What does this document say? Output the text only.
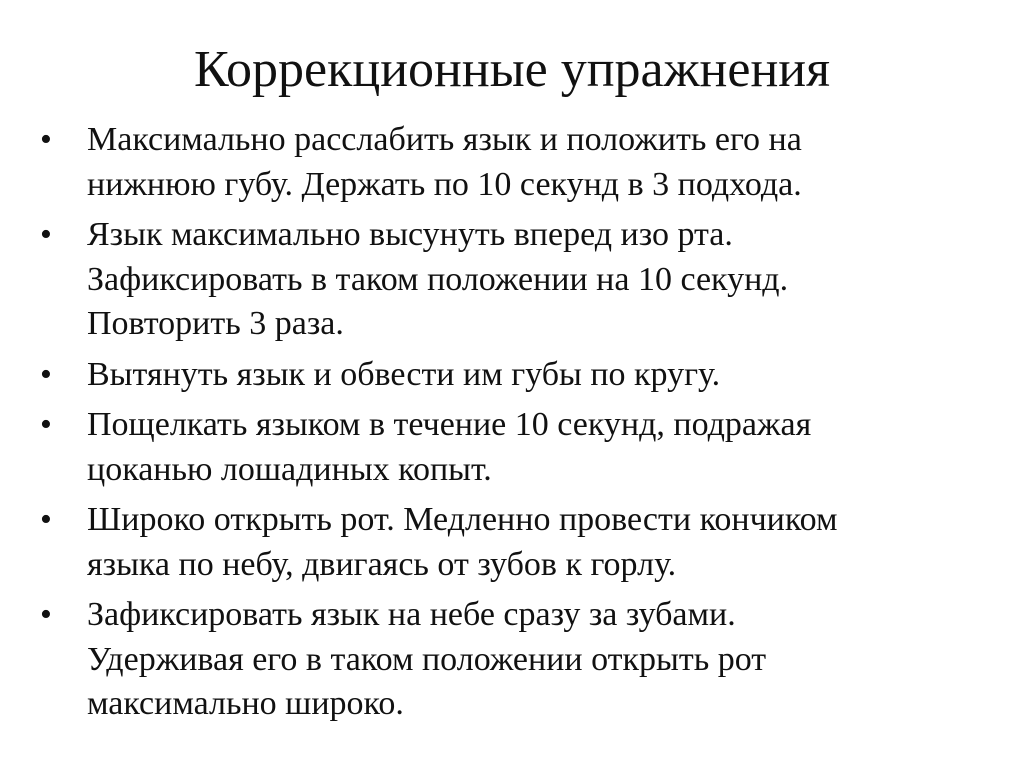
Коррекционные упражнения
• Максимально расслабить язык и положить его на
нижнюю губу. Держать по 10 секунд в 3 подхода.
• Язык максимально высунуть вперед изо рта.
Зафиксировать в таком положении на 10 секунд.
Повторить 3 раза.
• Вытянуть язык и обвести им губы по кругу.
• Пощелкать языком в течение 10 секунд, подражая
цоканью лошадиных копыт.
• Широко открыть рот. Медленно провести кончиком
языка по небу, двигаясь от зубов к горлу.
• Зафиксировать язык на небе сразу за зубами.
Удерживая его в таком положении открыть рот
максимально широко.
